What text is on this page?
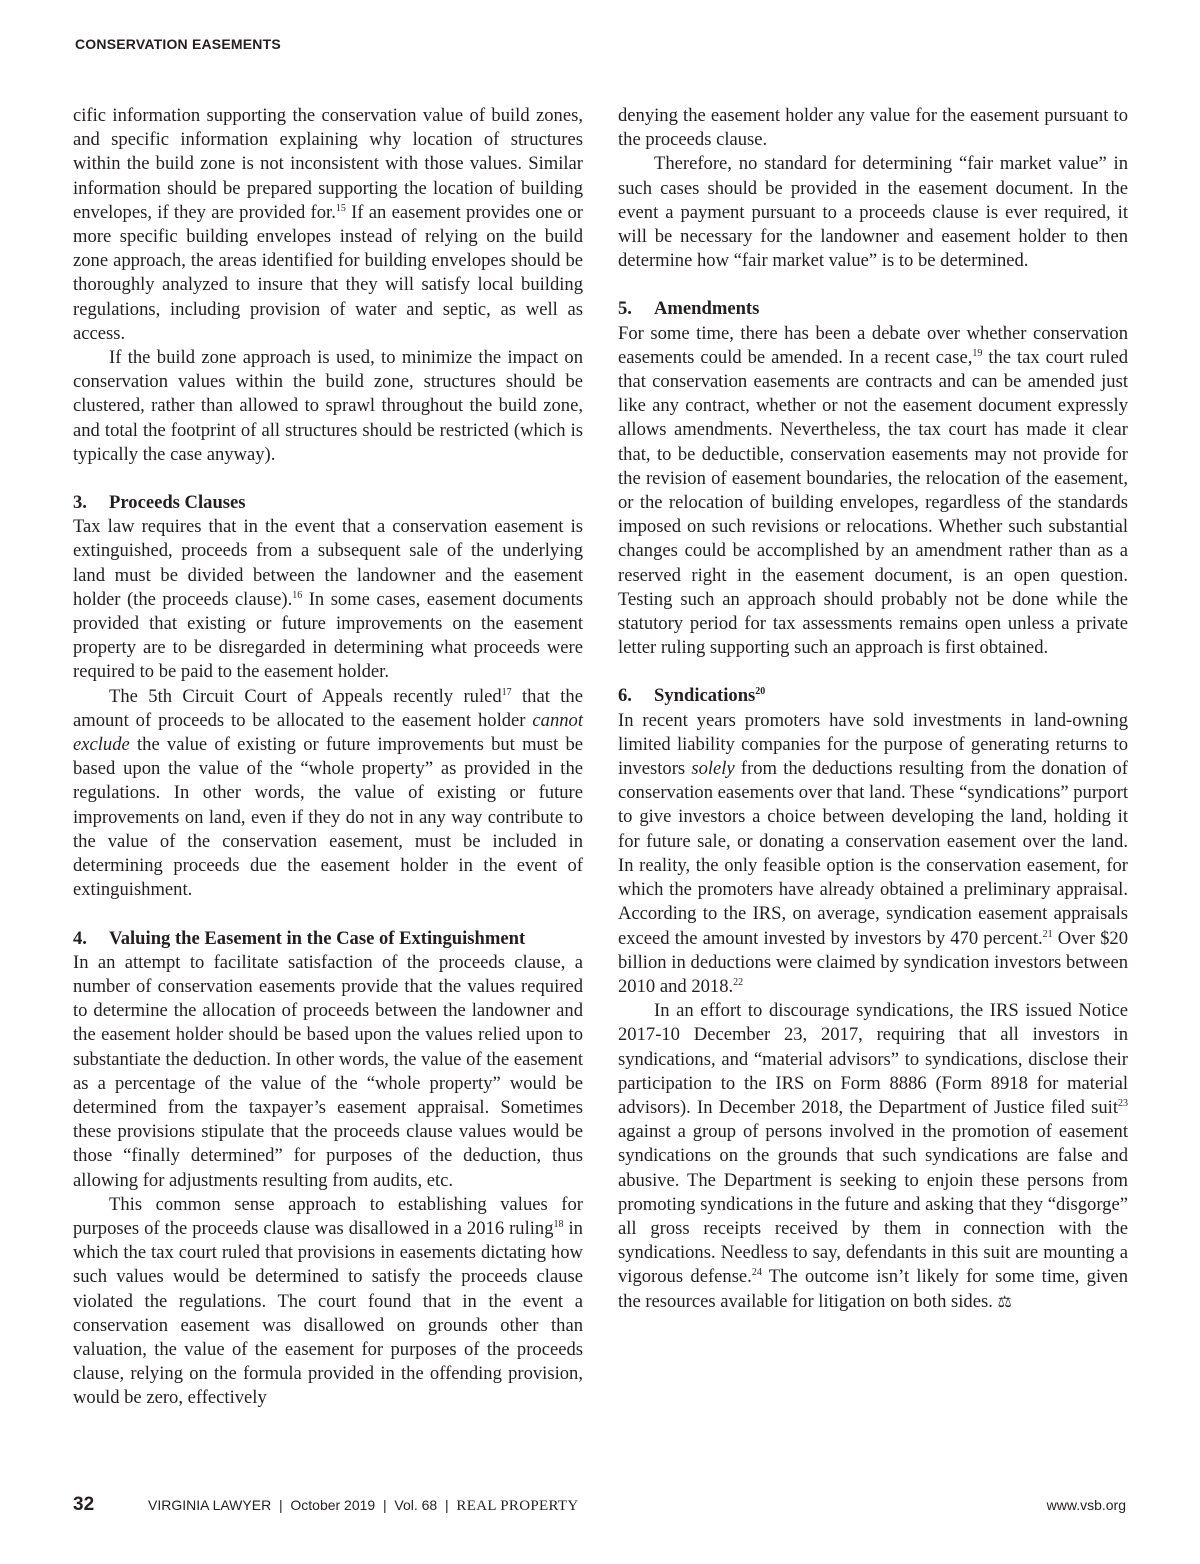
CONSERVATION EASEMENTS

cific information supporting the conservation value of build zones, and specific information explaining why location of structures within the build zone is not inconsistent with those values. Similar information should be prepared supporting the location of building envelopes, if they are provided for.$^{15}$ If an easement provides one or more specific building envelopes instead of relying on the build zone approach, the areas identified for building envelopes should be thoroughly analyzed to insure that they will satisfy local building regulations, including provision of water and septic, as well as access.

If the build zone approach is used, to minimize the impact on conservation values within the build zone, structures should be clustered, rather than allowed to sprawl throughout the build zone, and total the footprint of all structures should be restricted (which is typically the case anyway).

3. Proceeds Clauses

Tax law requires that in the event that a conservation easement is extinguished, proceeds from a subsequent sale of the underlying land must be divided between the landowner and the easement holder (the proceeds clause).$^{16}$ In some cases, easement documents provided that existing or future improvements on the easement property are to be disregarded in determining what proceeds were required to be paid to the easement holder.

The 5th Circuit Court of Appeals recently ruled$^{17}$ that the amount of proceeds to be allocated to the easement holder cannot exclude the value of existing or future improvements but must be based upon the value of the “whole property” as provided in the regulations. In other words, the value of existing or future improvements on land, even if they do not in any way contribute to the value of the conservation easement, must be included in determining proceeds due the easement holder in the event of extinguishment.

4. Valuing the Easement in the Case of Extinguishment

In an attempt to facilitate satisfaction of the proceeds clause, a number of conservation easements provide that the values required to determine the allocation of proceeds between the landowner and the easement holder should be based upon the values relied upon to substantiate the deduction. In other words, the value of the easement as a percentage of the value of the “whole property” would be determined from the taxpayer’s easement appraisal. Sometimes these provisions stipulate that the proceeds clause values would be those “finally determined” for purposes of the deduction, thus allowing for adjustments resulting from audits, etc.

This common sense approach to establishing values for purposes of the proceeds clause was disallowed in a 2016 ruling$^{18}$ in which the tax court ruled that provisions in easements dictating how such values would be determined to satisfy the proceeds clause violated the regulations. The court found that in the event a conservation easement was disallowed on grounds other than valuation, the value of the easement for purposes of the proceeds clause, relying on the formula provided in the offending provision, would be zero, effectively

denying the easement holder any value for the easement pursuant to the proceeds clause.

Therefore, no standard for determining “fair market value” in such cases should be provided in the easement document. In the event a payment pursuant to a proceeds clause is ever required, it will be necessary for the landowner and easement holder to then determine how “fair market value” is to be determined.

5. Amendments

For some time, there has been a debate over whether conservation easements could be amended. In a recent case,$^{19}$ the tax court ruled that conservation easements are contracts and can be amended just like any contract, whether or not the easement document expressly allows amendments. Nevertheless, the tax court has made it clear that, to be deductible, conservation easements may not provide for the revision of easement boundaries, the relocation of the easement, or the relocation of building envelopes, regardless of the standards imposed on such revisions or relocations. Whether such substantial changes could be accomplished by an amendment rather than as a reserved right in the easement document, is an open question. Testing such an approach should probably not be done while the statutory period for tax assessments remains open unless a private letter ruling supporting such an approach is first obtained.

6. Syndications$^{20}$

In recent years promoters have sold investments in land-owning limited liability companies for the purpose of generating returns to investors solely from the deductions resulting from the donation of conservation easements over that land. These “syndications” purport to give investors a choice between developing the land, holding it for future sale, or donating a conservation easement over the land. In reality, the only feasible option is the conservation easement, for which the promoters have already obtained a preliminary appraisal. According to the IRS, on average, syndication easement appraisals exceed the amount invested by investors by 470 percent.$^{21}$ Over $20 billion in deductions were claimed by syndication investors between 2010 and 2018.22

In an effort to discourage syndications, the IRS issued Notice 2017-10 December 23, 2017, requiring that all investors in syndications, and “material advisors” to syndications, disclose their participation to the IRS on Form 8886 (Form 8918 for material advisors). In December 2018, the Department of Justice filed suit$^{23}$ against a group of persons involved in the promotion of easement syndications on the grounds that such syndications are false and abusive. The Department is seeking to enjoin these persons from promoting syndications in the future and asking that they “disgorge” all gross receipts received by them in connection with the syndications. Needless to say, defendants in this suit are mounting a vigorous defense.$^{24}$ The outcome isn’t likely for some time, given the resources available for litigation on both sides. ⚖

32	VIRGINIA LAWYER  |  October 2019  |  Vol. 68  |  REAL PROPERTY	www.vsb.org
